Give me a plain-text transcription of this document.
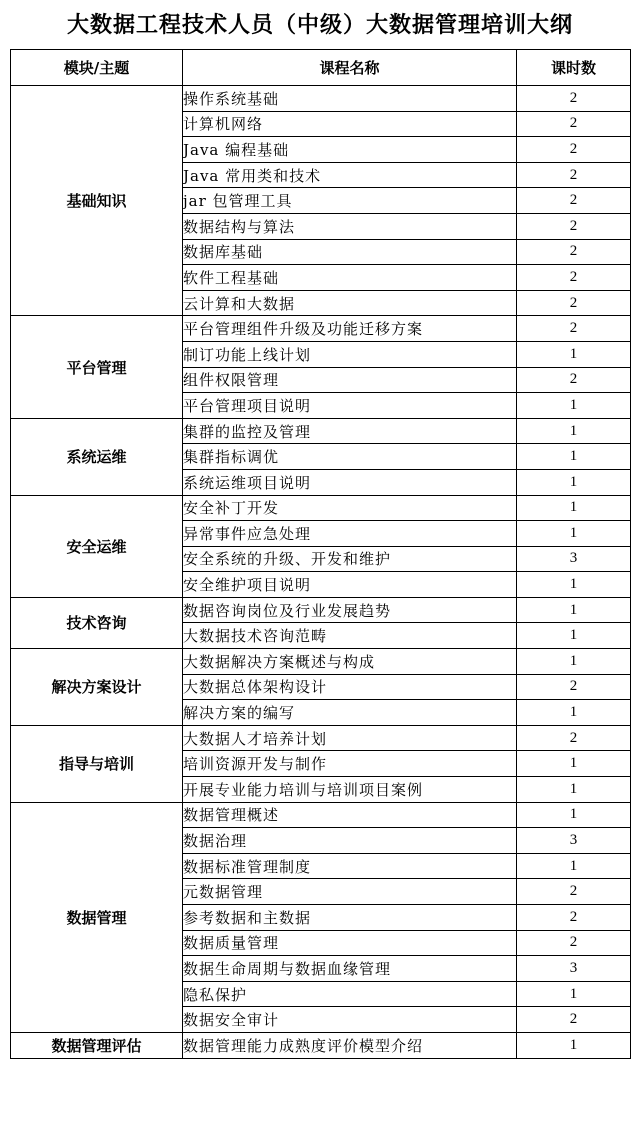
大数据工程技术人员（中级）大数据管理培训大纲
模块/主题	课程名称	课时数
基础知识	操作系统基础	2
	计算机网络	2
	Java 编程基础	2
	Java 常用类和技术	2
	jar 包管理工具	2
	数据结构与算法	2
	数据库基础	2
	软件工程基础	2
	云计算和大数据	2
平台管理	平台管理组件升级及功能迁移方案	2
	制订功能上线计划	1
	组件权限管理	2
	平台管理项目说明	1
系统运维	集群的监控及管理	1
	集群指标调优	1
	系统运维项目说明	1
安全运维	安全补丁开发	1
	异常事件应急处理	1
	安全系统的升级、开发和维护	3
	安全维护项目说明	1
技术咨询	数据咨询岗位及行业发展趋势	1
	大数据技术咨询范畴	1
解决方案设计	大数据解决方案概述与构成	1
	大数据总体架构设计	2
	解决方案的编写	1
指导与培训	大数据人才培养计划	2
	培训资源开发与制作	1
	开展专业能力培训与培训项目案例	1
数据管理	数据管理概述	1
	数据治理	3
	数据标准管理制度	1
	元数据管理	2
	参考数据和主数据	2
	数据质量管理	2
	数据生命周期与数据血缘管理	3
	隐私保护	1
	数据安全审计	2
数据管理评估	数据管理能力成熟度评价模型介绍	1
